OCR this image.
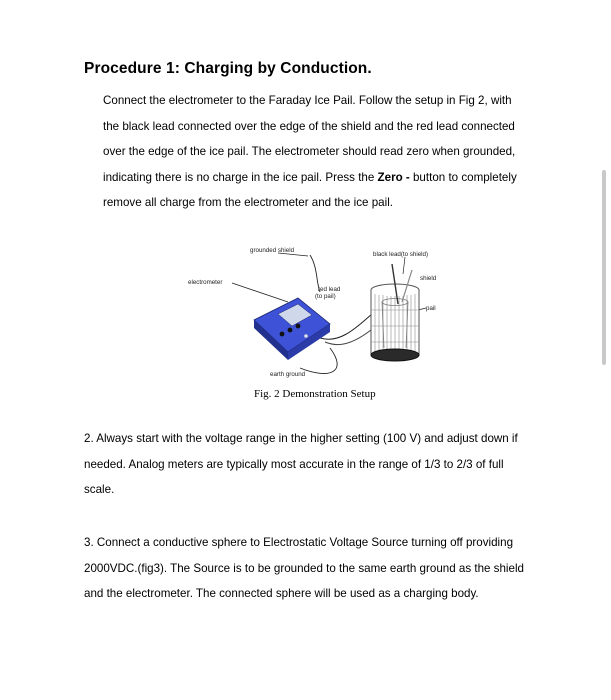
Procedure 1: Charging by Conduction.
Connect the electrometer to the Faraday Ice Pail. Follow the setup in Fig 2, with
the black lead connected over the edge of the shield and the red lead connected
over the edge of the ice pail. The electrometer should read zero when grounded,
indicating there is no charge in the ice pail. Press the Zero - button to completely
remove all charge from the electrometer and the ice pail.
grounded shield
black lead(to shield)
shield
electrometer
red lead
(to pail)
pail
earth ground
Fig. 2 Demonstration Setup
2. Always start with the voltage range in the higher setting (100 V) and adjust down if
needed. Analog meters are typically most accurate in the range of 1/3 to 2/3 of full
scale.
3. Connect a conductive sphere to Electrostatic Voltage Source turning off providing
2000VDC.(fig3). The Source is to be grounded to the same earth ground as the shield
and the electrometer. The connected sphere will be used as a charging body.
